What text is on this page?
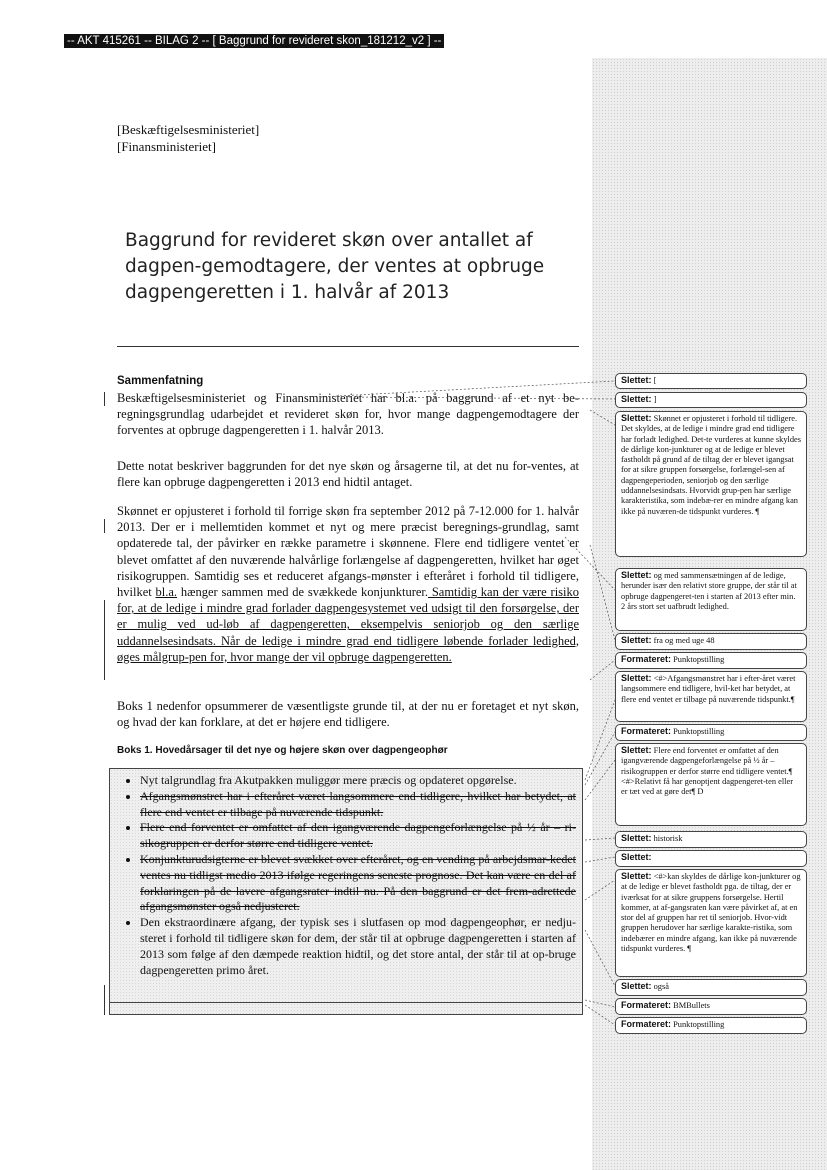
-- AKT 415261 -- BILAG 2 -- [ Baggrund for revideret skon_181212_v2 ] --
[Beskæftigelsesministeriet]
[Finansministeriet]
Baggrund for revideret skøn over antallet af dagpen-gemodtagere, der ventes at opbruge dagpengeretten i 1. halvår af 2013
Sammenfatning
Beskæftigelsesministeriet og Finansministeriet har bl.a. på baggrund af et nyt be-regningsgrundlag udarbejdet et revideret skøn for, hvor mange dagpengemodtagere der forventes at opbruge dagpengeretten i 1. halvår 2013.
Dette notat beskriver baggrunden for det nye skøn og årsagerne til, at det nu for-ventes, at flere kan opbruge dagpengeretten i 2013 end hidtil antaget.
Skønnet er opjusteret i forhold til forrige skøn fra september 2012 på 7-12.000 for 1. halvår 2013. Der er i mellemtiden kommet et nyt og mere præcist beregnings-grundlag, samt opdaterede tal, der påvirker en række parametre i skønnene. Flere end tidligere ventet er blevet omfattet af den nuværende halvårlige forlængelse af dagpengeretten, hvilket har øget risikogruppen. Samtidig ses et reduceret afgangs-mønster i efteråret i forhold til tidligere, hvilket bl.a. hænger sammen med de svækkede konjunkturer. Samtidig kan der være risiko for, at de ledige i mindre grad forlader dagpengesystemet ved udsigt til den forsørgelse, der er mulig ved ud-løb af dagpengeretten, eksempelvis seniorjob og den særlige uddannelsesindsats. Når de ledige i mindre grad end tidligere løbende forlader ledighed, øges målgrup-pen for, hvor mange der vil opbruge dagpengeretten.
Boks 1 nedenfor opsummerer de væsentligste grunde til, at der nu er foretaget et nyt skøn, og hvad der kan forklare, at det er højere end tidligere.
Boks 1. Hovedårsager til det nye og højere skøn over dagpengeophør
• Nyt talgrundlag fra Akutpakken muliggør mere præcis og opdateret opgørelse.
• Afgangsmønstret har i efteråret været langsommere end tidligere, hvilket har betydet, at flere end ventet er tilbage på nuværende tidspunkt.
• Flere end forventet er omfattet af den igangværende dagpengeforlængelse på ½ år – ri-sikogruppen er derfor større end tidligere ventet.
• Konjunkturudsigterne er blevet svækket over efteråret, og en vending på arbejdsmar-kedet ventes nu tidligst medio 2013 ifølge regeringens seneste prognose. Det kan være en del af forklaringen på de lavere afgangsrater indtil nu. På den baggrund er det frem-adrettede afgangsmønster også nedjusteret.
• Den ekstraordinære afgang, der typisk ses i slutfasen op mod dagpengeophør, er nedju-steret i forhold til tidligere skøn for dem, der står til at opbruge dagpengeretten i starten af 2013 som følge af den dæmpede reaktion hidtil, og det store antal, der står til at op-bruge dagpengeretten primo året.
Slettet: [
Slettet: ]
Slettet: Skønnet er opjusteret i forhold til tidligere. Det skyldes, at de ledige i mindre grad end tidligere har forladt ledighed. Det-te vurderes at kunne skyldes de dårlige kon-junkturer og at de ledige er blevet fastholdt på grund af de tiltag der er blevet igangsat for at sikre gruppen forsørgelse, forlængel-sen af dagpengeperioden, seniorjob og den særlige uddannelsesindsats. Hvorvidt grup-pen har særlige karakteristika, som indebæ-rer en mindre afgang kan ikke på nuværen-de tidspunkt vurderes. ¶
Slettet: og med sammensætningen af de ledige, herunder især den relativt store gruppe, der står til at opbruge dagpengeret-ten i starten af 2013 efter min. 2 års stort set uafbrudt ledighed.
Slettet: fra og med uge 48
Formateret: Punktopstilling
Slettet: <#>Afgangsmønstret har i efter-året været langsommere end tidligere, hvil-ket har betydet, at flere end ventet er tilbage på nuværende tidspunkt.¶
Formateret: Punktopstilling
Slettet: Flere end forventet er omfattet af den igangværende dagpengeforlængelse på ½ år – risikogruppen er derfor større end tidligere ventet.¶ <#>Relativt få har genoptjent dagpengeret-ten eller er tæt ved at gøre det¶ D
Slettet: historisk
Slettet:
Slettet: <#>kan skyldes de dårlige kon-junkturer og at de ledige er blevet fastholdt pga. de tiltag, der er iværksat for at sikre gruppens forsørgelse. Hertil kommer, at af-gangsraten kan være påvirket af, at en stor del af gruppen har ret til seniorjob. Hvor-vidt gruppen herudover har særlige karakte-ristika, som indebærer en mindre afgang, kan ikke på nuværende tidspunkt vurderes. ¶
Slettet: også
Formateret: BMBullets
Formateret: Punktopstilling
